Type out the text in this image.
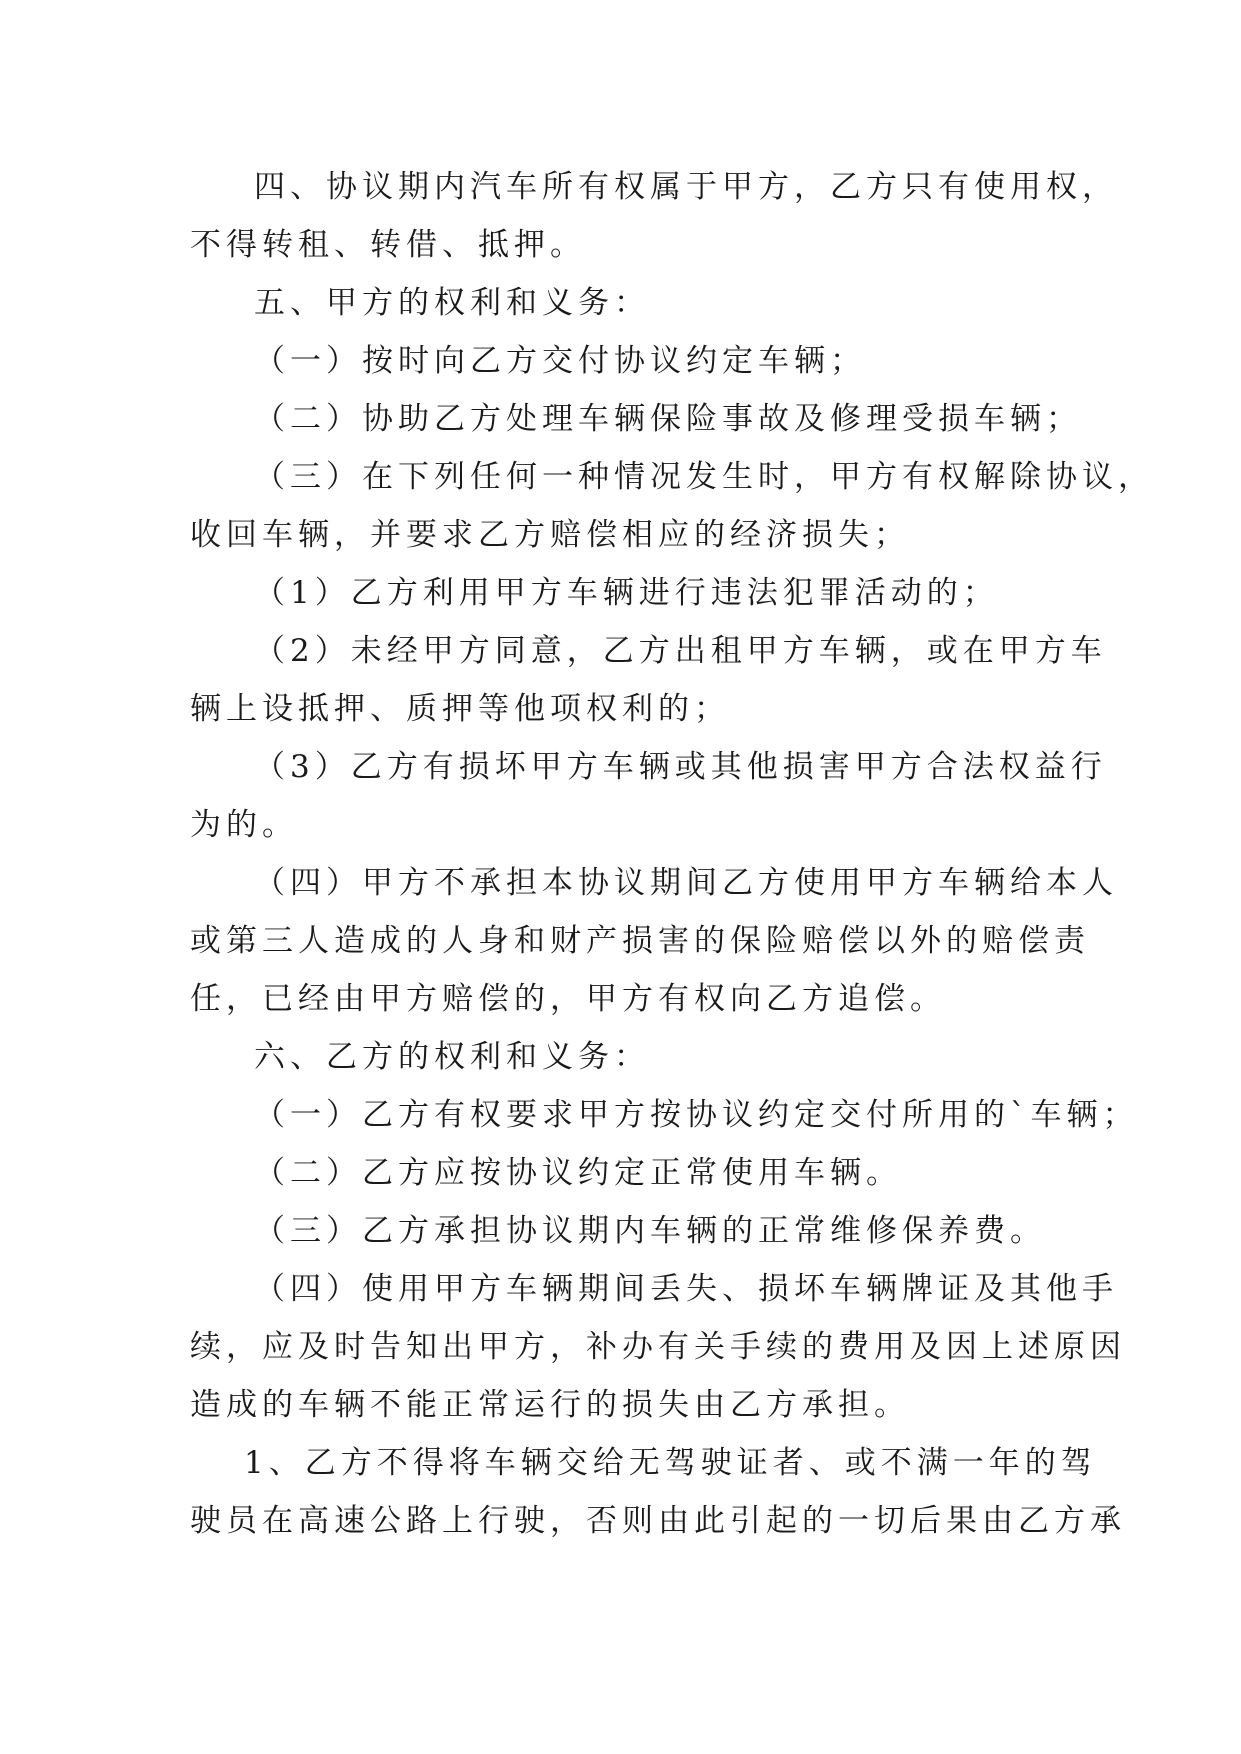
四、协议期内汽车所有权属于甲方，乙方只有使用权，
不得转租、转借、抵押。
五、甲方的权利和义务：
（一）按时向乙方交付协议约定车辆；
（二）协助乙方处理车辆保险事故及修理受损车辆；
（三）在下列任何一种情况发生时，甲方有权解除协议，
收回车辆，并要求乙方赔偿相应的经济损失；
（1）乙方利用甲方车辆进行违法犯罪活动的；
（2）未经甲方同意，乙方出租甲方车辆，或在甲方车
辆上设抵押、质押等他项权利的；
（3）乙方有损坏甲方车辆或其他损害甲方合法权益行
为的。
（四）甲方不承担本协议期间乙方使用甲方车辆给本人
或第三人造成的人身和财产损害的保险赔偿以外的赔偿责
任，已经由甲方赔偿的，甲方有权向乙方追偿。
六、乙方的权利和义务：
（一）乙方有权要求甲方按协议约定交付所用的`车辆；
（二）乙方应按协议约定正常使用车辆。
（三）乙方承担协议期内车辆的正常维修保养费。
（四）使用甲方车辆期间丢失、损坏车辆牌证及其他手
续，应及时告知出甲方，补办有关手续的费用及因上述原因
造成的车辆不能正常运行的损失由乙方承担。
1、乙方不得将车辆交给无驾驶证者、或不满一年的驾
驶员在高速公路上行驶，否则由此引起的一切后果由乙方承
